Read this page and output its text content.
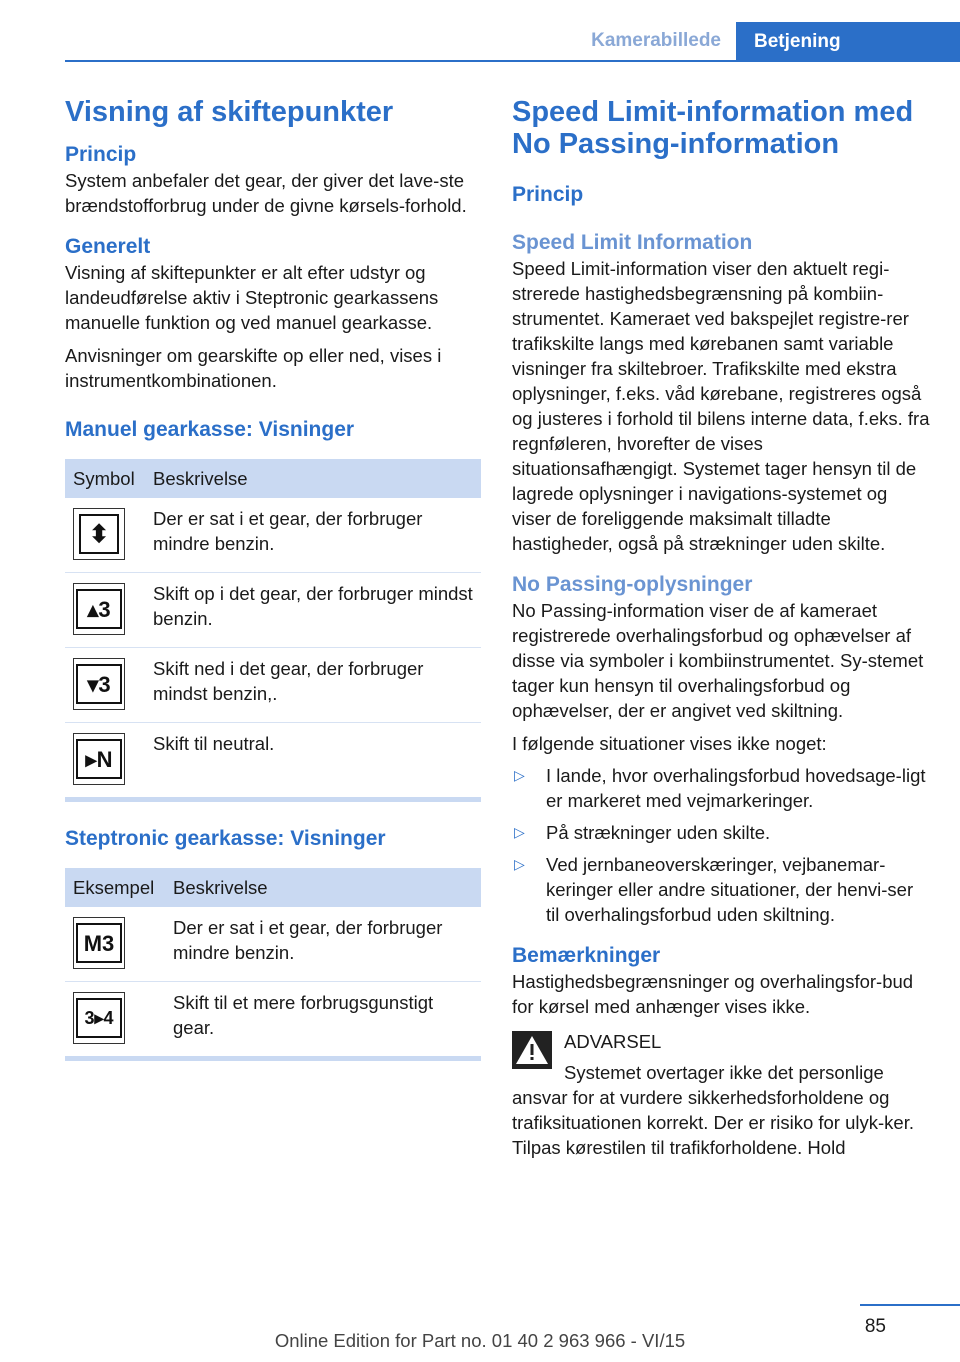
Kamerabillede	Betjening
Visning af skiftepunkter
Princip

System anbefaler det gear, der giver det lave-ste brændstofforbrug under de givne kørsels-forhold.

Generelt

Visning af skiftepunkter er alt efter udstyr og landeudførelse aktiv i Steptronic gearkassens manuelle funktion og ved manuel gearkasse.

Anvisninger om gearskifte op eller ned, vises i instrumentkombinationen.

Manuel gearkasse: Visninger
Symbol	Beskrivelse

⬍	Der er sat i et gear, der forbruger mindre benzin.

▴3	Skift op i det gear, der forbruger mindst benzin.

▾3	Skift ned i det gear, der forbruger mindst benzin,.

▸N	Skift til neutral.
Steptronic gearkasse: Visninger
Eksempel	Beskrivelse

M3	Der er sat i et gear, der forbruger mindre benzin.

3▸4	Skift til et mere forbrugsgunstigt gear.
Speed Limit-information med No Passing-information
Princip
Speed Limit Information

Speed Limit-information viser den aktuelt regi-strerede hastighedsbegrænsning på kombiin-strumentet. Kameraet ved bakspejlet registre-rer trafikskilte langs med kørebanen samt variable visninger fra skiltebroer. Trafikskilte med ekstra oplysninger, f.eks. våd kørebane, registreres også og justeres i forhold til bilens interne data, f.eks. fra regnføleren, hvorefter de vises situationsafhængigt. Systemet tager hensyn til de lagrede oplysninger i navigations-systemet og viser de foreliggende maksimalt tilladte hastigheder, også på strækninger uden skilte.

No Passing-oplysninger

No Passing-information viser de af kameraet registrerede overhalingsforbud og ophævelser af disse via symboler i kombiinstrumentet. Sy-stemet tager kun hensyn til overhalingsforbud og ophævelser, der er angivet ved skiltning.

I følgende situationer vises ikke noget:

▷ I lande, hvor overhalingsforbud hovedsage-ligt er markeret med vejmarkeringer.
▷ På strækninger uden skilte.
▷ Ved jernbaneoverskæringer, vejbanemar-keringer eller andre situationer, der henvi-ser til overhalingsforbud uden skiltning.
Bemærkninger

Hastighedsbegrænsninger og overhalingsfor-bud for kørsel med anhænger vises ikke.

ADVARSEL
Systemet overtager ikke det personlige
ansvar for at vurdere sikkerhedsforholdene og trafiksituationen korrekt. Der er risiko for ulyk-ker. Tilpas kørestilen til trafikforholdene. Hold
85
Online Edition for Part no. 01 40 2 963 966 - VI/15
